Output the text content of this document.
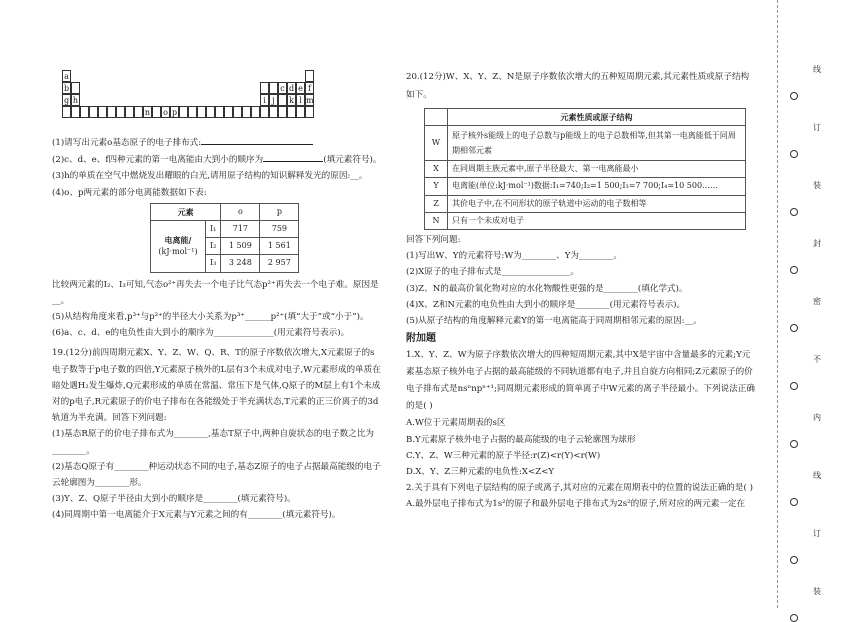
a
b	c d e f
g h	i j	k l m
n o p

(1)请写出元素o基态原子的电子排布式:

(2)c、d、e、f四种元素的第一电离能由大到小的顺序为	(填元素符号)。

(3)h的单质在空气中燃烧发出耀眼的白光,请用原子结构的知识解释发光的原因:__。

(4)o、p两元素的部分电离能数据如下表:

元素		o	p

电离能/
(kJ·mol⁻¹)	I₁	717	759
	I₂	1 509	1 561
	I₃	3 248	2 957

比较两元素的I₂、I₃可知,气态o²⁺再失去一个电子比气态p²⁺再失去一个电子难。原因是__。

(5)从结构角度来看,p³⁺与p²⁺的半径大小关系为p³⁺______p²⁺(填“大于”或“小于”)。

(6)a、c、d、e的电负性由大到小的顺序为______________(用元素符号表示)。

19.(12分)前四周期元素X、Y、Z、W、Q、R、T的原子序数依次增大,X元素原子的s电子数等于p电子数的四倍,Y元素原子核外的L层有3个未成对电子,W元素形成的单质在暗处遇H₂发生爆炸,Q元素形成的单质在常温、常压下是气体,Q原子的M层上有1个未成对的p电子,R元素原子的价电子排布在各能级处于半充满状态,T元素的正三价离子的3d轨道为半充满。回答下列问题:

(1)基态R原子的价电子排布式为________,基态T原子中,两种自旋状态的电子数之比为

________。

(2)基态Q原子有________种运动状态不同的电子,基态Z原子的电子占据最高能级的电子云轮廓图为________形。

(3)Y、Z、Q原子半径由大到小的顺序是________(填元素符号)。

(4)同周期中第一电离能介于X元素与Y元素之间的有________(填元素符号)。

20.(12分)W、X、Y、Z、N是原子序数依次增大的五种短周期元素,其元素性质或原子结构如下。

	元素性质或原子结构
W	原子核外s能级上的电子总数与p能级上的电子总数相等,但其第一电离能低于同周期相邻元素
X	在同周期主族元素中,原子半径最大、第一电离能最小
Y	电离能(单位:kJ·mol⁻¹)数据:I₁=740;I₂=1 500;I₃=7 700;I₄=10 500……
Z	其价电子中,在不同形状的原子轨道中运动的电子数相等
N	只有一个未成对电子

回答下列问题:

(1)写出W、Y的元素符号:W为________、Y为________。

(2)X原子的电子排布式是________________。

(3)Z、N的最高价氧化物对应的水化物酸性更强的是________(填化学式)。

(4)X、Z和N元素的电负性由大到小的顺序是________(用元素符号表示)。

(5)从原子结构的角度解释元素Y的第一电离能高于同周期相邻元素的原因:__。

附加题

1.X、Y、Z、W为原子序数依次增大的四种短周期元素,其中X是宇宙中含量最多的元素;Y元素基态原子核外电子占据的最高能级的不同轨道都有电子,并且自旋方向相同;Z元素原子的价电子排布式是nsⁿnpⁿ⁺¹;同周期元素形成的简单离子中W元素的离子半径最小。下列说法正确的是( )

A.W位于元素周期表的s区

B.Y元素原子核外电子占据的最高能级的电子云轮廓图为球形

C.Y、Z、W三种元素的原子半径:r(Z)<r(Y)<r(W)

D.X、Y、Z三种元素的电负性:X<Z<Y

2.关于具有下列电子层结构的原子或离子,其对应的元素在周期表中的位置的说法正确的是( )

A.最外层电子排布式为1s²的原子和最外层电子排布式为2s²的原子,所对应的两元素一定在

线
订
装
封
密
不
内
线
订
装
